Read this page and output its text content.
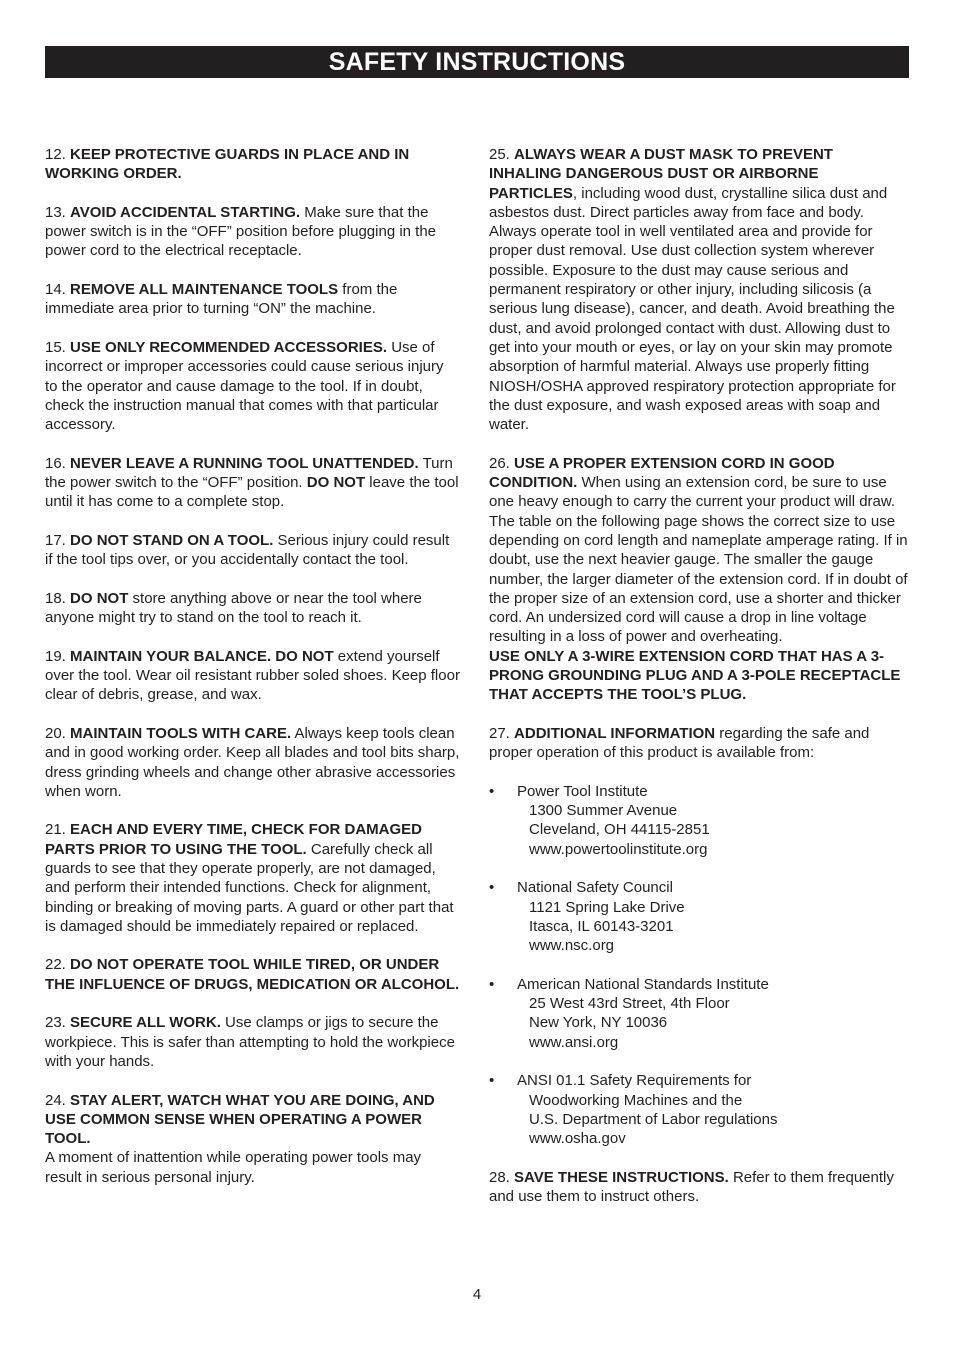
SAFETY INSTRUCTIONS
12. KEEP PROTECTIVE GUARDS IN PLACE AND IN WORKING ORDER.
13. AVOID ACCIDENTAL STARTING. Make sure that the power switch is in the “OFF” position before plugging in the power cord to the electrical receptacle.
14. REMOVE ALL MAINTENANCE TOOLS from the immediate area prior to turning “ON” the machine.
15. USE ONLY RECOMMENDED ACCESSORIES. Use of incorrect or improper accessories could cause serious injury to the operator and cause damage to the tool. If in doubt, check the instruction manual that comes with that particular accessory.
16. NEVER LEAVE A RUNNING TOOL UNATTENDED. Turn the power switch to the “OFF” position. DO NOT leave the tool until it has come to a complete stop.
17. DO NOT STAND ON A TOOL. Serious injury could result if the tool tips over, or you accidentally contact the tool.
18. DO NOT store anything above or near the tool where anyone might try to stand on the tool to reach it.
19. MAINTAIN YOUR BALANCE. DO NOT extend yourself over the tool. Wear oil resistant rubber soled shoes. Keep floor clear of debris, grease, and wax.
20. MAINTAIN TOOLS WITH CARE. Always keep tools clean and in good working order. Keep all blades and tool bits sharp, dress grinding wheels and change other abrasive accessories when worn.
21. EACH AND EVERY TIME, CHECK FOR DAMAGED PARTS PRIOR TO USING THE TOOL. Carefully check all guards to see that they operate properly, are not damaged, and perform their intended functions. Check for alignment, binding or breaking of moving parts. A guard or other part that is damaged should be immediately repaired or replaced.
22. DO NOT OPERATE TOOL WHILE TIRED, OR UNDER THE INFLUENCE OF DRUGS, MEDICATION OR ALCOHOL.
23. SECURE ALL WORK. Use clamps or jigs to secure the workpiece. This is safer than attempting to hold the workpiece with your hands.
24. STAY ALERT, WATCH WHAT YOU ARE DOING, AND USE COMMON SENSE WHEN OPERATING A POWER TOOL.
A moment of inattention while operating power tools may result in serious personal injury.
25. ALWAYS WEAR A DUST MASK TO PREVENT INHALING DANGEROUS DUST OR AIRBORNE PARTICLES, including wood dust, crystalline silica dust and asbestos dust. Direct particles away from face and body. Always operate tool in well ventilated area and provide for proper dust removal. Use dust collection system wherever possible. Exposure to the dust may cause serious and permanent respiratory or other injury, including silicosis (a serious lung disease), cancer, and death. Avoid breathing the dust, and avoid prolonged contact with dust. Allowing dust to get into your mouth or eyes, or lay on your skin may promote absorption of harmful material. Always use properly fitting NIOSH/OSHA approved respiratory protection appropriate for the dust exposure, and wash exposed areas with soap and water.
26. USE A PROPER EXTENSION CORD IN GOOD CONDITION. When using an extension cord, be sure to use one heavy enough to carry the current your product will draw. The table on the following page shows the correct size to use depending on cord length and nameplate amperage rating. If in doubt, use the next heavier gauge. The smaller the gauge number, the larger diameter of the extension cord. If in doubt of the proper size of an extension cord, use a shorter and thicker cord. An undersized cord will cause a drop in line voltage resulting in a loss of power and overheating.
USE ONLY A 3-WIRE EXTENSION CORD THAT HAS A 3-PRONG GROUNDING PLUG AND A 3-POLE RECEPTACLE THAT ACCEPTS THE TOOL’S PLUG.
27. ADDITIONAL INFORMATION regarding the safe and proper operation of this product is available from:
• Power Tool Institute
1300 Summer Avenue
Cleveland, OH 44115-2851
www.powertoolinstitute.org
• National Safety Council
1121 Spring Lake Drive
Itasca, IL 60143-3201
www.nsc.org
• American National Standards Institute
25 West 43rd Street, 4th Floor
New York, NY 10036
www.ansi.org
• ANSI 01.1 Safety Requirements for
Woodworking Machines and the
U.S. Department of Labor regulations
www.osha.gov
28. SAVE THESE INSTRUCTIONS. Refer to them frequently and use them to instruct others.
4
